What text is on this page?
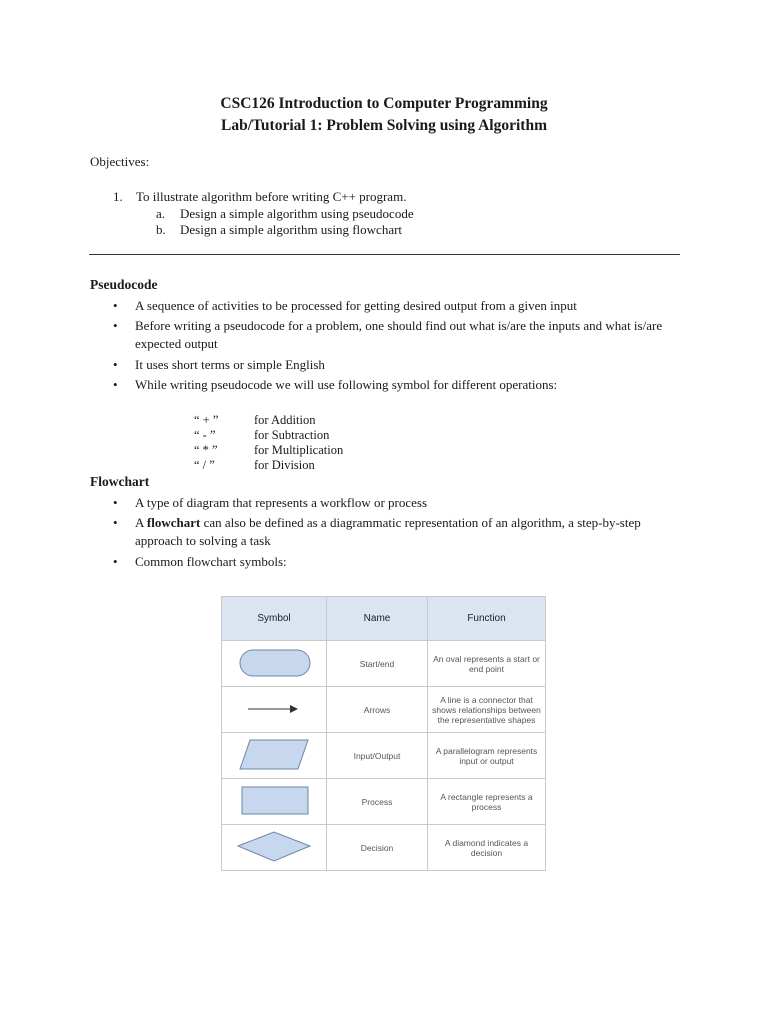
CSC126 Introduction to Computer Programming
Lab/Tutorial 1: Problem Solving using Algorithm
Objectives:
1. To illustrate algorithm before writing C++ program.
a. Design a simple algorithm using pseudocode
b. Design a simple algorithm using flowchart
Pseudocode
• A sequence of activities to be processed for getting desired output from a given input
• Before writing a pseudocode for a problem, one should find out what is/are the inputs and what is/are expected output
• It uses short terms or simple English
• While writing pseudocode we will use following symbol for different operations:
“ + ”	for Addition
“ - ”	for Subtraction
“ * ”	for Multiplication
“ / ”	for Division
Flowchart
• A type of diagram that represents a workflow or process
• A flowchart can also be defined as a diagrammatic representation of an algorithm, a step-by-step approach to solving a task
• Common flowchart symbols:
Symbol	Name	Function
	Start/end	An oval represents a start or end point
	Arrows	A line is a connector that shows relationships between the representative shapes
	Input/Output	A parallelogram represents input or output
	Process	A rectangle represents a process
	Decision	A diamond indicates a decision
